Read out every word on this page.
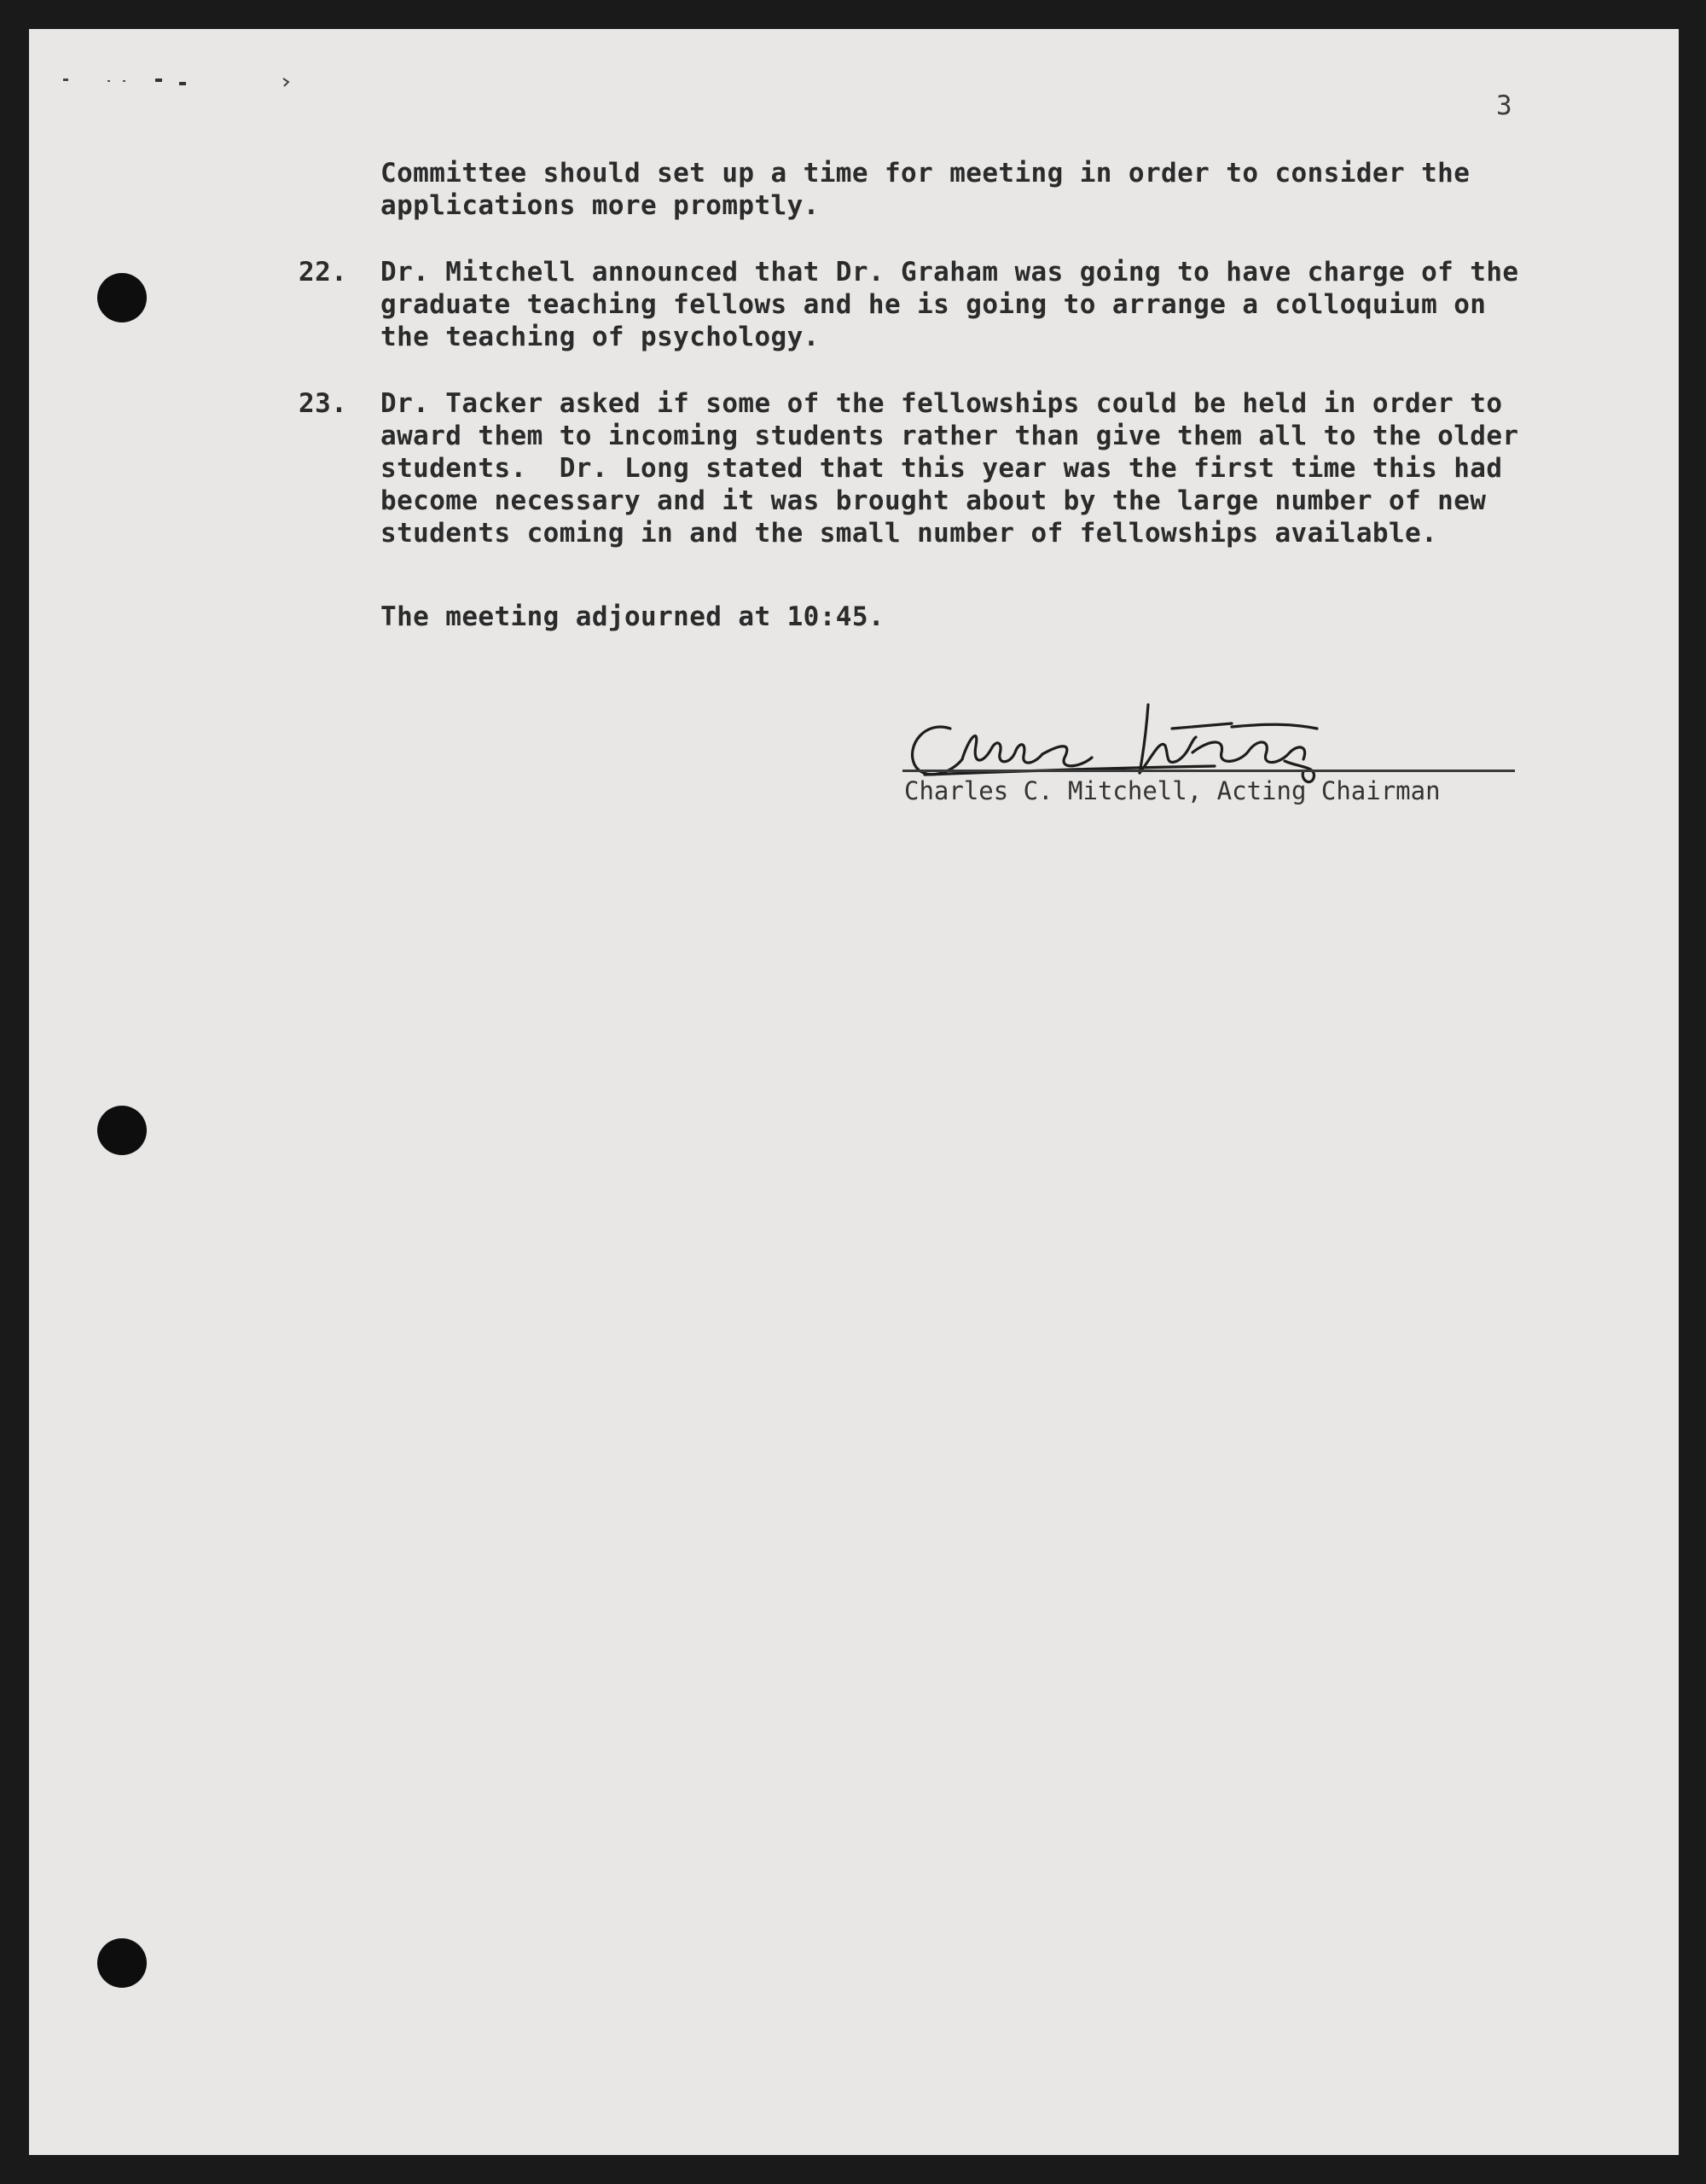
3

Committee should set up a time for meeting in order to consider the
applications more promptly.

22. Dr. Mitchell announced that Dr. Graham was going to have charge of the
graduate teaching fellows and he is going to arrange a colloquium on
the teaching of psychology.

23. Dr. Tacker asked if some of the fellowships could be held in order to
award them to incoming students rather than give them all to the older
students.  Dr. Long stated that this year was the first time this had
become necessary and it was brought about by the large number of new
students coming in and the small number of fellowships available.

The meeting adjourned at 10:45.

Charles Mitchell
Charles C. Mitchell, Acting Chairman
